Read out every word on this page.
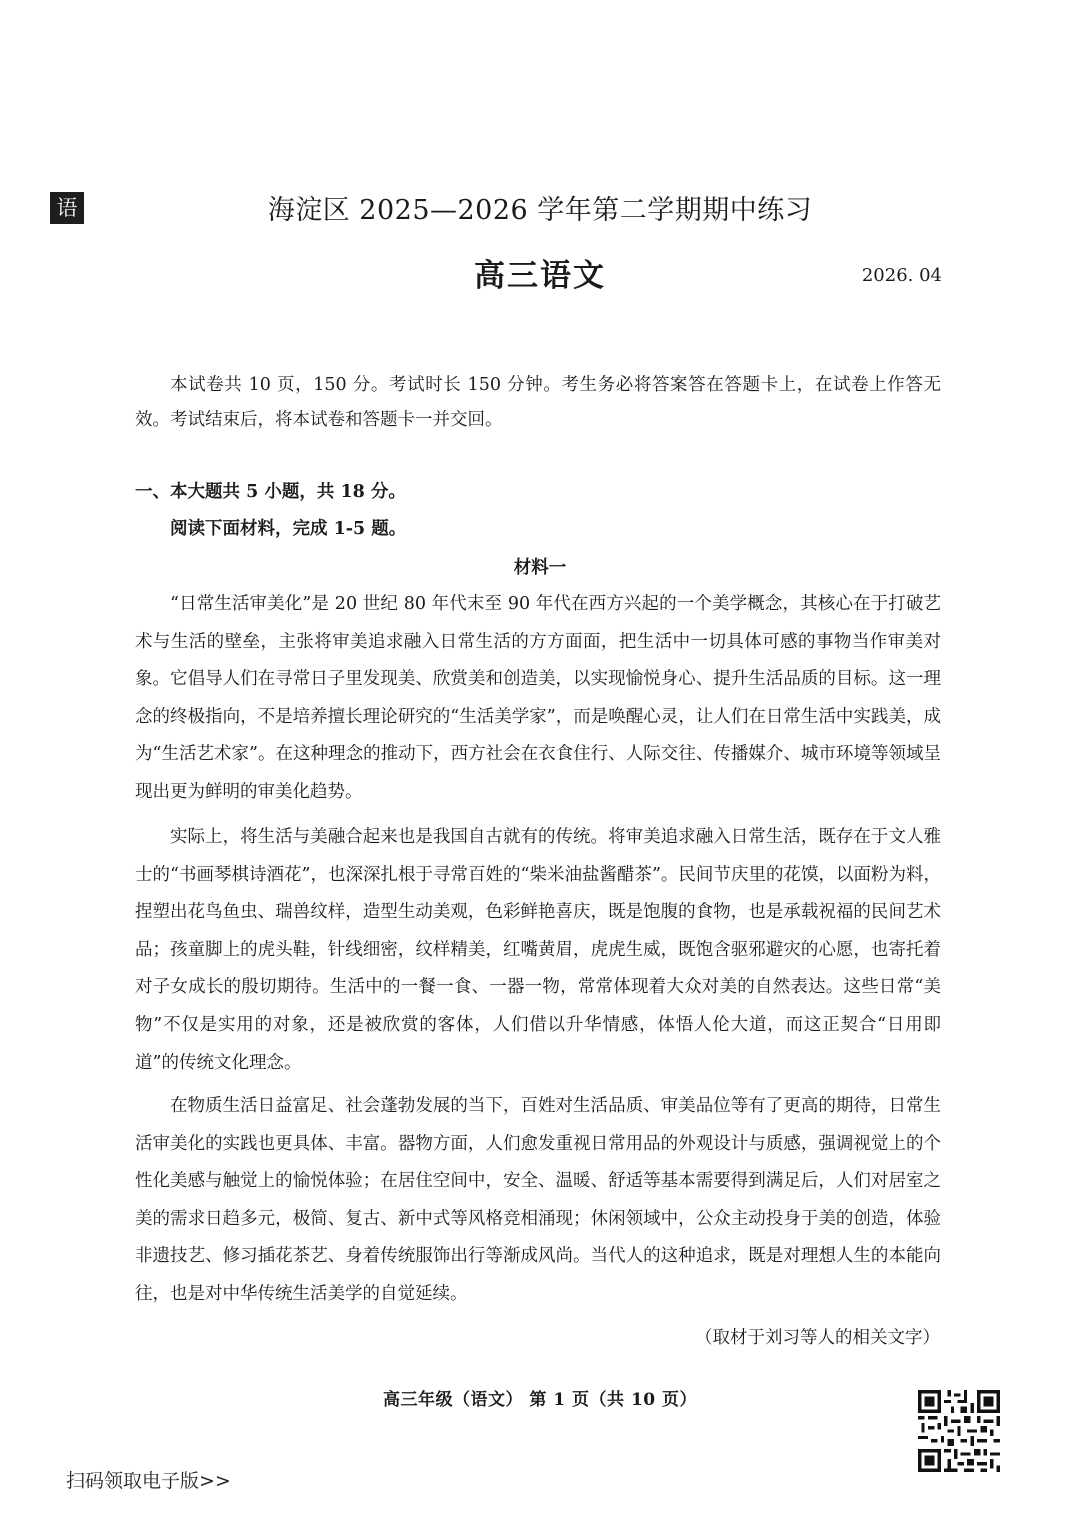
语	海淀区 2025—2026 学年第二学期期中练习
高三语文	2026. 04

本试卷共 10 页，150 分。考试时长 150 分钟。考生务必将答案答在答题卡上，在试卷上作答无效。考试结束后，将本试卷和答题卡一并交回。

一、本大题共 5 小题，共 18 分。
阅读下面材料，完成 1-5 题。
材料一

“日常生活审美化”是 20 世纪 80 年代末至 90 年代在西方兴起的一个美学概念，其核心在于打破艺术与生活的壁垒，主张将审美追求融入日常生活的方方面面，把生活中一切具体可感的事物当作审美对象。它倡导人们在寻常日子里发现美、欣赏美和创造美，以实现愉悦身心、提升生活品质的目标。这一理念的终极指向，不是培养擅长理论研究的“生活美学家”，而是唤醒心灵，让人们在日常生活中实践美，成为“生活艺术家”。在这种理念的推动下，西方社会在衣食住行、人际交往、传播媒介、城市环境等领域呈现出更为鲜明的审美化趋势。

实际上，将生活与美融合起来也是我国自古就有的传统。将审美追求融入日常生活，既存在于文人雅士的“书画琴棋诗酒花”，也深深扎根于寻常百姓的“柴米油盐酱醋茶”。民间节庆里的花馍，以面粉为料，捏塑出花鸟鱼虫、瑞兽纹样，造型生动美观，色彩鲜艳喜庆，既是饱腹的食物，也是承载祝福的民间艺术品；孩童脚上的虎头鞋，针线细密，纹样精美，红嘴黄眉，虎虎生威，既饱含驱邪避灾的心愿，也寄托着对子女成长的殷切期待。生活中的一餐一食、一器一物，常常体现着大众对美的自然表达。这些日常“美物”不仅是实用的对象，还是被欣赏的客体，人们借以升华情感，体悟人伦大道，而这正契合“日用即道”的传统文化理念。

在物质生活日益富足、社会蓬勃发展的当下，百姓对生活品质、审美品位等有了更高的期待，日常生活审美化的实践也更具体、丰富。器物方面，人们愈发重视日常用品的外观设计与质感，强调视觉上的个性化美感与触觉上的愉悦体验；在居住空间中，安全、温暖、舒适等基本需要得到满足后，人们对居室之美的需求日趋多元，极简、复古、新中式等风格竞相涌现；休闲领域中，公众主动投身于美的创造，体验非遗技艺、修习插花茶艺、身着传统服饰出行等渐成风尚。当代人的这种追求，既是对理想人生的本能向往，也是对中华传统生活美学的自觉延续。

（取材于刘习等人的相关文字）
高三年级（语文） 第 1 页（共 10 页）
扫码领取电子版>>
